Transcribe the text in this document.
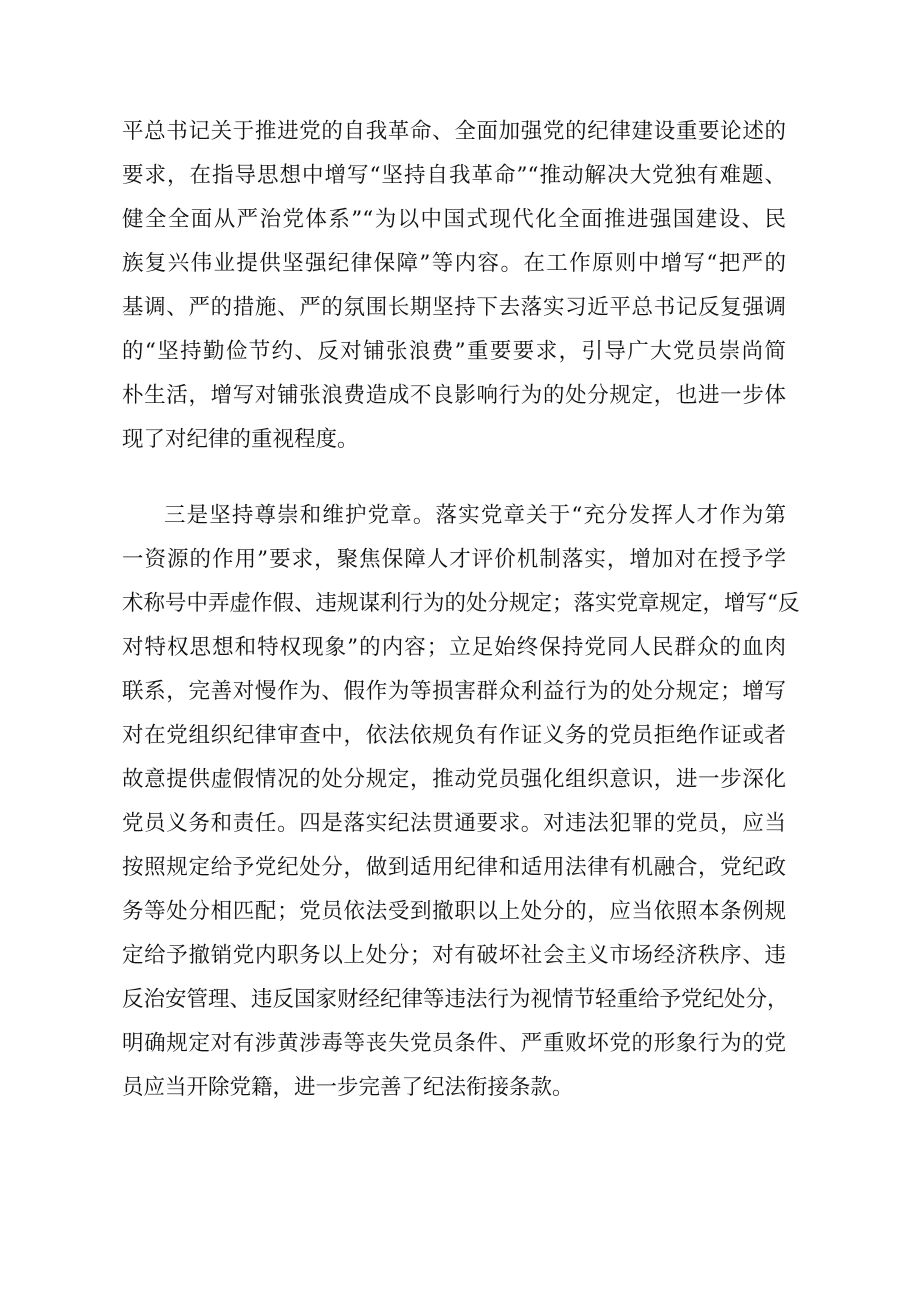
平总书记关于推进党的自我革命、全面加强党的纪律建设重要论述的
要求，在指导思想中增写“坚持自我革命”“推动解决大党独有难题、
健全全面从严治党体系”“为以中国式现代化全面推进强国建设、民
族复兴伟业提供坚强纪律保障”等内容。在工作原则中增写“把严的
基调、严的措施、严的氛围长期坚持下去落实习近平总书记反复强调
的“坚持勤俭节约、反对铺张浪费”重要要求，引导广大党员崇尚简
朴生活，增写对铺张浪费造成不良影响行为的处分规定，也进一步体
现了对纪律的重视程度。
三是坚持尊崇和维护党章。落实党章关于“充分发挥人才作为第
一资源的作用”要求，聚焦保障人才评价机制落实，增加对在授予学
术称号中弄虚作假、违规谋利行为的处分规定；落实党章规定，增写“反
对特权思想和特权现象”的内容；立足始终保持党同人民群众的血肉
联系，完善对慢作为、假作为等损害群众利益行为的处分规定；增写
对在党组织纪律审查中，依法依规负有作证义务的党员拒绝作证或者
故意提供虚假情况的处分规定，推动党员强化组织意识，进一步深化
党员义务和责任。四是落实纪法贯通要求。对违法犯罪的党员，应当
按照规定给予党纪处分，做到适用纪律和适用法律有机融合，党纪政
务等处分相匹配；党员依法受到撤职以上处分的，应当依照本条例规
定给予撤销党内职务以上处分；对有破坏社会主义市场经济秩序、违
反治安管理、违反国家财经纪律等违法行为视情节轻重给予党纪处分，
明确规定对有涉黄涉毒等丧失党员条件、严重败坏党的形象行为的党
员应当开除党籍，进一步完善了纪法衔接条款。
